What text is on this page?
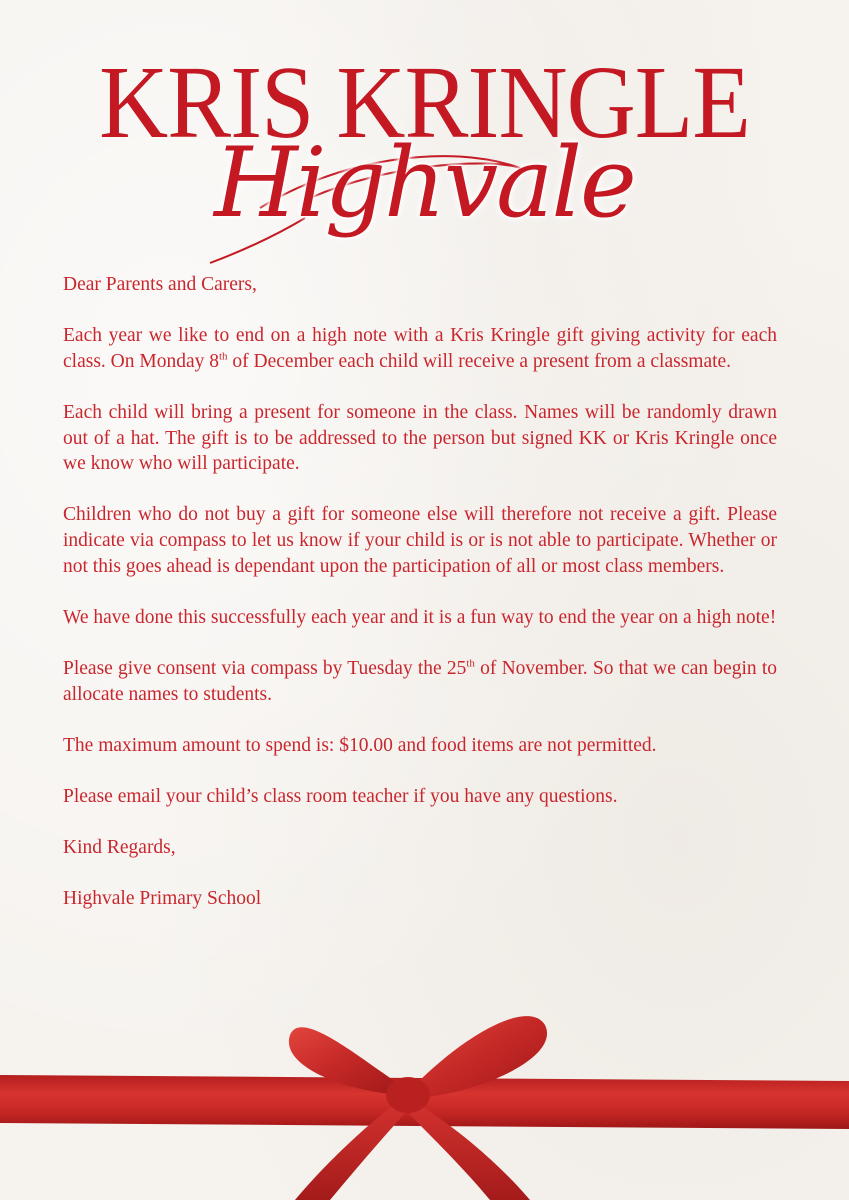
KRIS KRINGLE
Highvale

Dear Parents and Carers,

Each year we like to end on a high note with a Kris Kringle gift giving activity for each class. On Monday 8th of December each child will receive a present from a classmate.

Each child will bring a present for someone in the class. Names will be randomly drawn out of a hat. The gift is to be addressed to the person but signed KK or Kris Kringle once we know who will participate.

Children who do not buy a gift for someone else will therefore not receive a gift. Please indicate via compass to let us know if your child is or is not able to participate. Whether or not this goes ahead is dependant upon the participation of all or most class members.

We have done this successfully each year and it is a fun way to end the year on a high note!

Please give consent via compass by Tuesday the 25th of November. So that we can begin to allocate names to students.

The maximum amount to spend is: $10.00 and food items are not permitted.

Please email your child’s class room teacher if you have any questions.

Kind Regards,

Highvale Primary School
